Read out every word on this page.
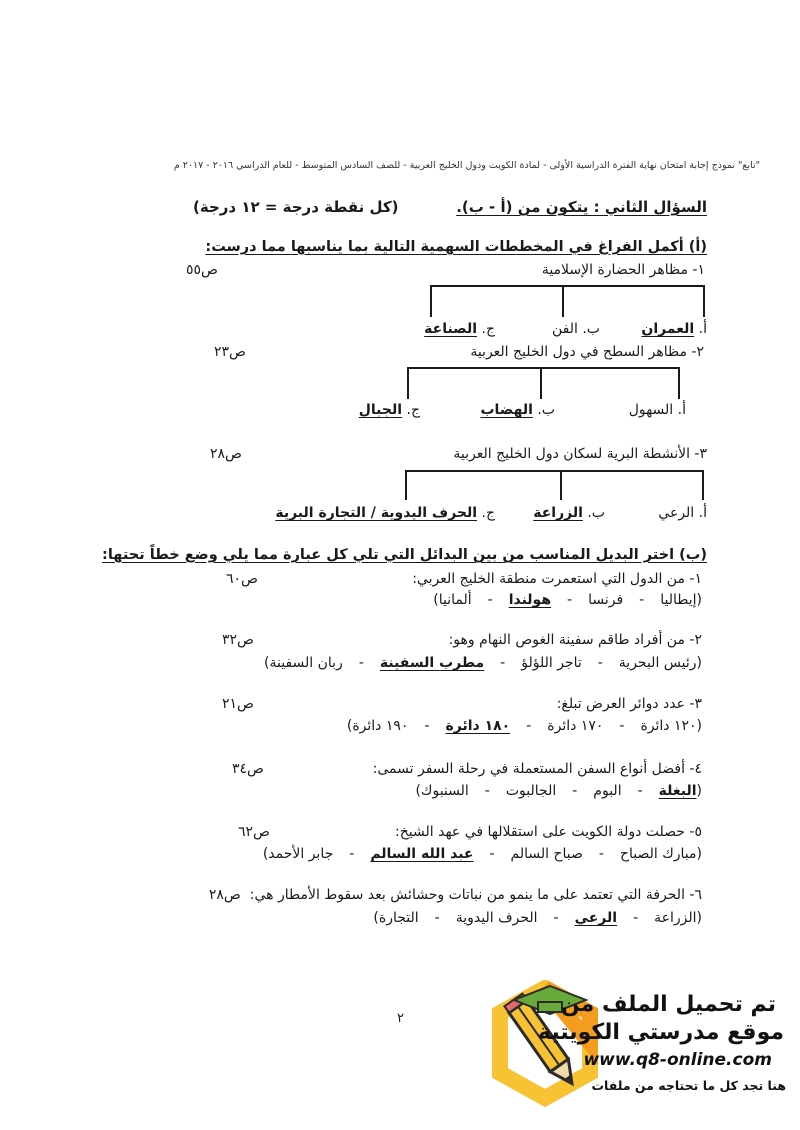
"تابع" نموذج إجابة امتحان نهاية الفترة الدراسية الأولى - لمادة الكويت ودول الخليج العربية - للصف السادس المتوسط - للعام الدراسي ٢٠١٦ - ٢٠١٧ م
السؤال الثاني : يتكون من (أ - ب).
(كل نقطة درجة = ١٢ درجة)
(أ) أكمل الفراغ في المخططات السهمية التالية بما يناسبها مما درست:
١- مظاهر الحضارة الإسلامية
ص٥٥
أ. العمران
ب. الفن
ج. الصناعة
٢- مظاهر السطح في دول الخليج العربية
ص٢٣
أ. السهول
ب. الهضاب
ج. الجبال
٣- الأنشطة البرية لسكان دول الخليج العربية
ص٢٨
أ. الرعي
ب. الزراعة
ج. الحرف اليدوية / التجارة البرية
(ب) اختر البديل المناسب من بين البدائل التي تلي كل عبارة مما يلي وضع خطاً تحتها:
١- من الدول التي استعمرت منطقة الخليج العربي:
ص٦٠
(إيطاليا-فرنسا-هولندا-ألمانيا)
٢- من أفراد طاقم سفينة الغوص النهام وهو:
ص٣٢
(رئيس البحرية-تاجر اللؤلؤ-مطرب السفينة-ربان السفينة)
٣- عدد دوائر العرض تبلغ:
ص٢١
(١٢٠ دائرة-١٧٠ دائرة-١٨٠ دائرة-١٩٠ دائرة)
٤- أفضل أنواع السفن المستعملة في رحلة السفر تسمى:
ص٣٤
(البغلة-البوم-الجالبوت-السنبوك)
٥- حصلت دولة الكويت على استقلالها في عهد الشيخ:
ص٦٢
(مبارك الصباح-صباح السالم-عبد الله السالم-جابر الأحمد)
٦- الحرفة التي تعتمد على ما ينمو من نباتات وحشائش بعد سقوط الأمطار هي:  ص٢٨
(الزراعة-الرعي-الحرف اليدوية-التجارة)
٢
تم تحميل الملف من
موقع مدرستي الكويتية
www.q8-online.com
هنا تجد كل ما تحتاجه من ملفات
